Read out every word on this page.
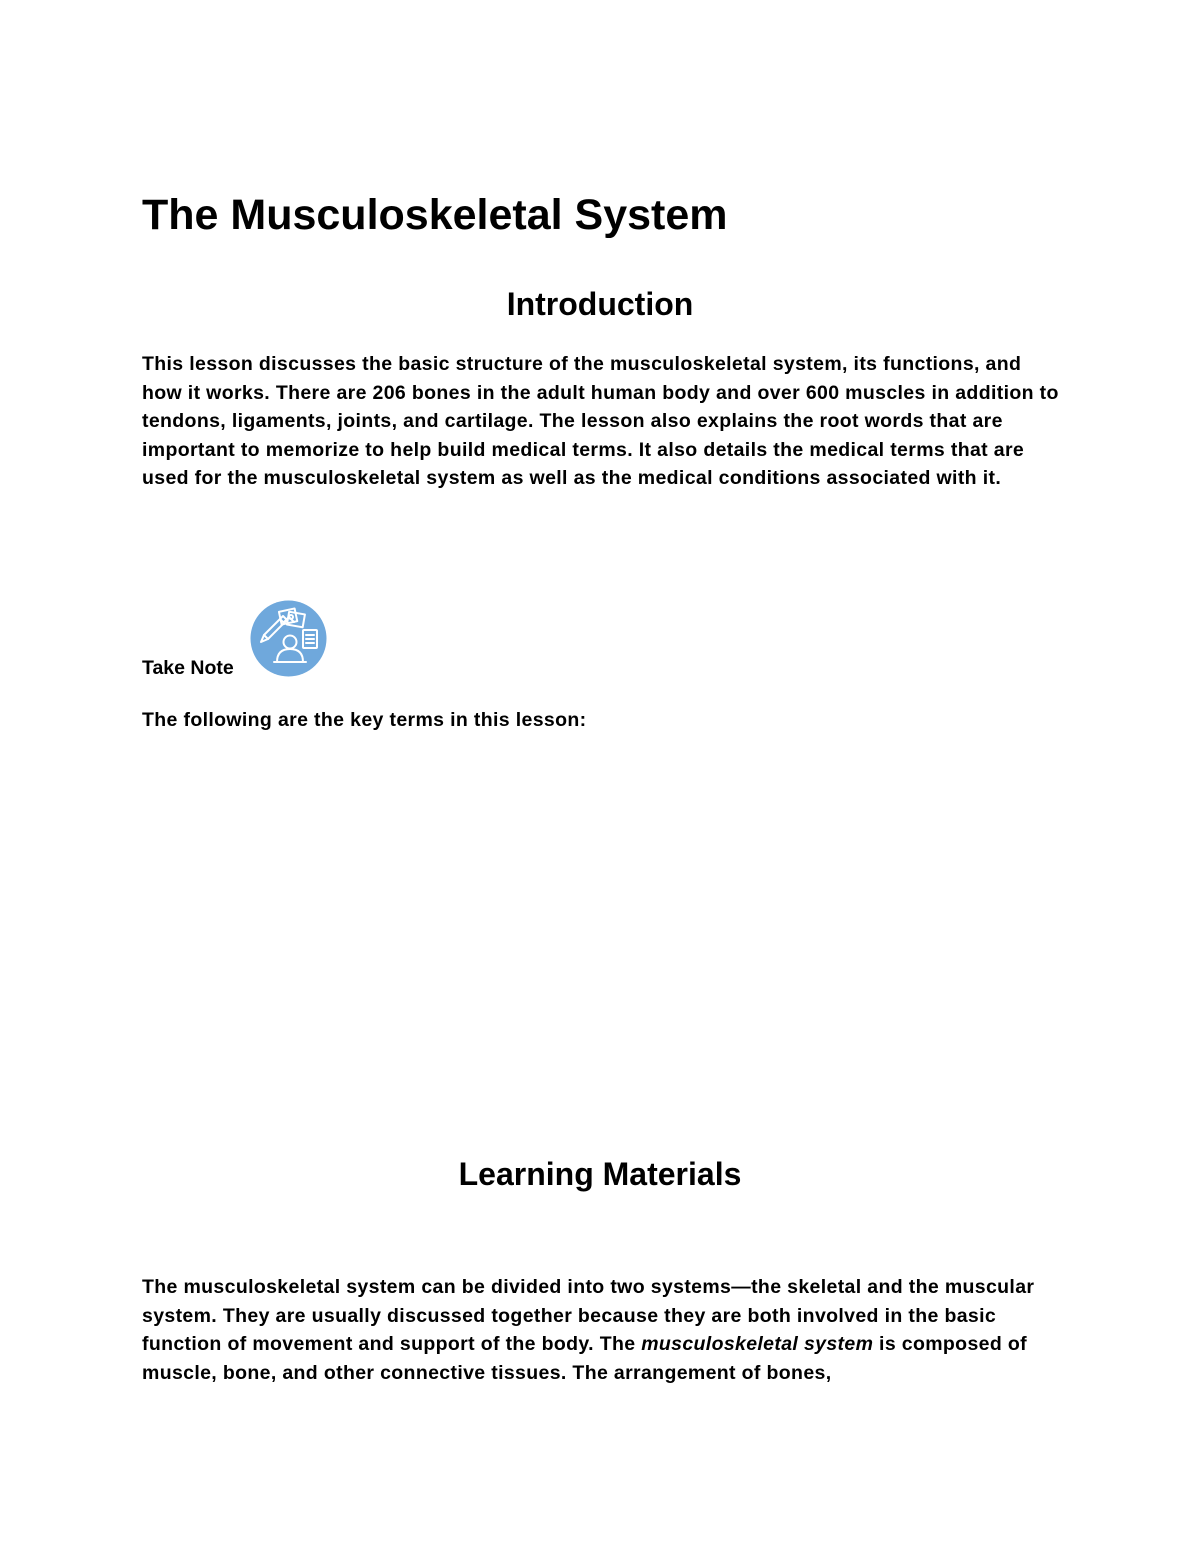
The Musculoskeletal System
Introduction

This lesson discusses the basic structure of the musculoskeletal system, its functions, and how it works. There are 206 bones in the adult human body and over 600 muscles in addition to tendons, ligaments, joints, and cartilage. The lesson also explains the root words that are important to memorize to help build medical terms. It also details the medical terms that are used for the musculoskeletal system as well as the medical conditions associated with it.

Take Note

The following are the key terms in this lesson:

Learning Materials

The musculoskeletal system can be divided into two systems—the skeletal and the muscular system. They are usually discussed together because they are both involved in the basic function of movement and support of the body. The musculoskeletal system is composed of muscle, bone, and other connective tissues. The arrangement of bones,
